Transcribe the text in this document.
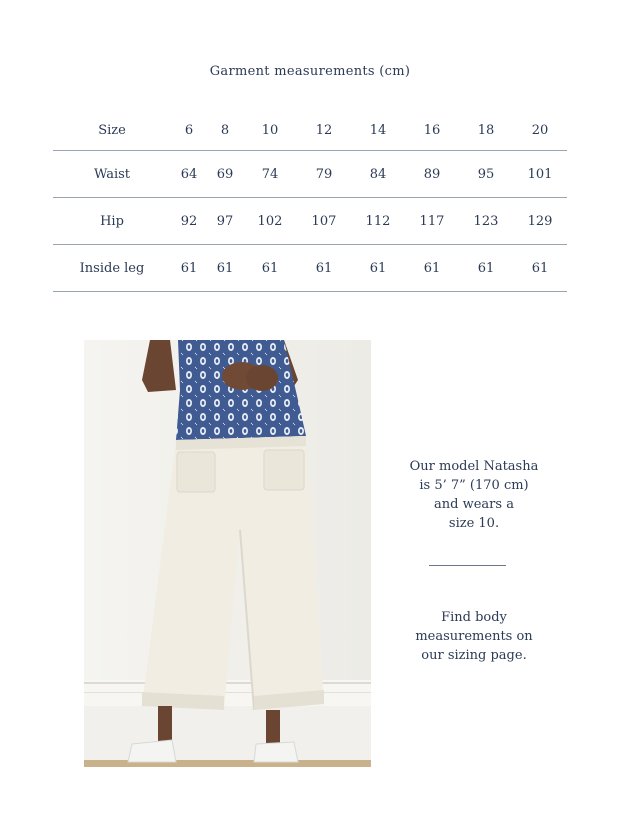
Garment measurements (cm)
Size	6	8	10	12	14	16	18	20
Waist	64	69	74	79	84	89	95	101
Hip	92	97	102	107	112	117	123	129
Inside leg	61	61	61	61	61	61	61	61
Our model Natasha
is 5’ 7” (170 cm)
and wears a
size 10.
Find body
measurements on
our sizing page.
